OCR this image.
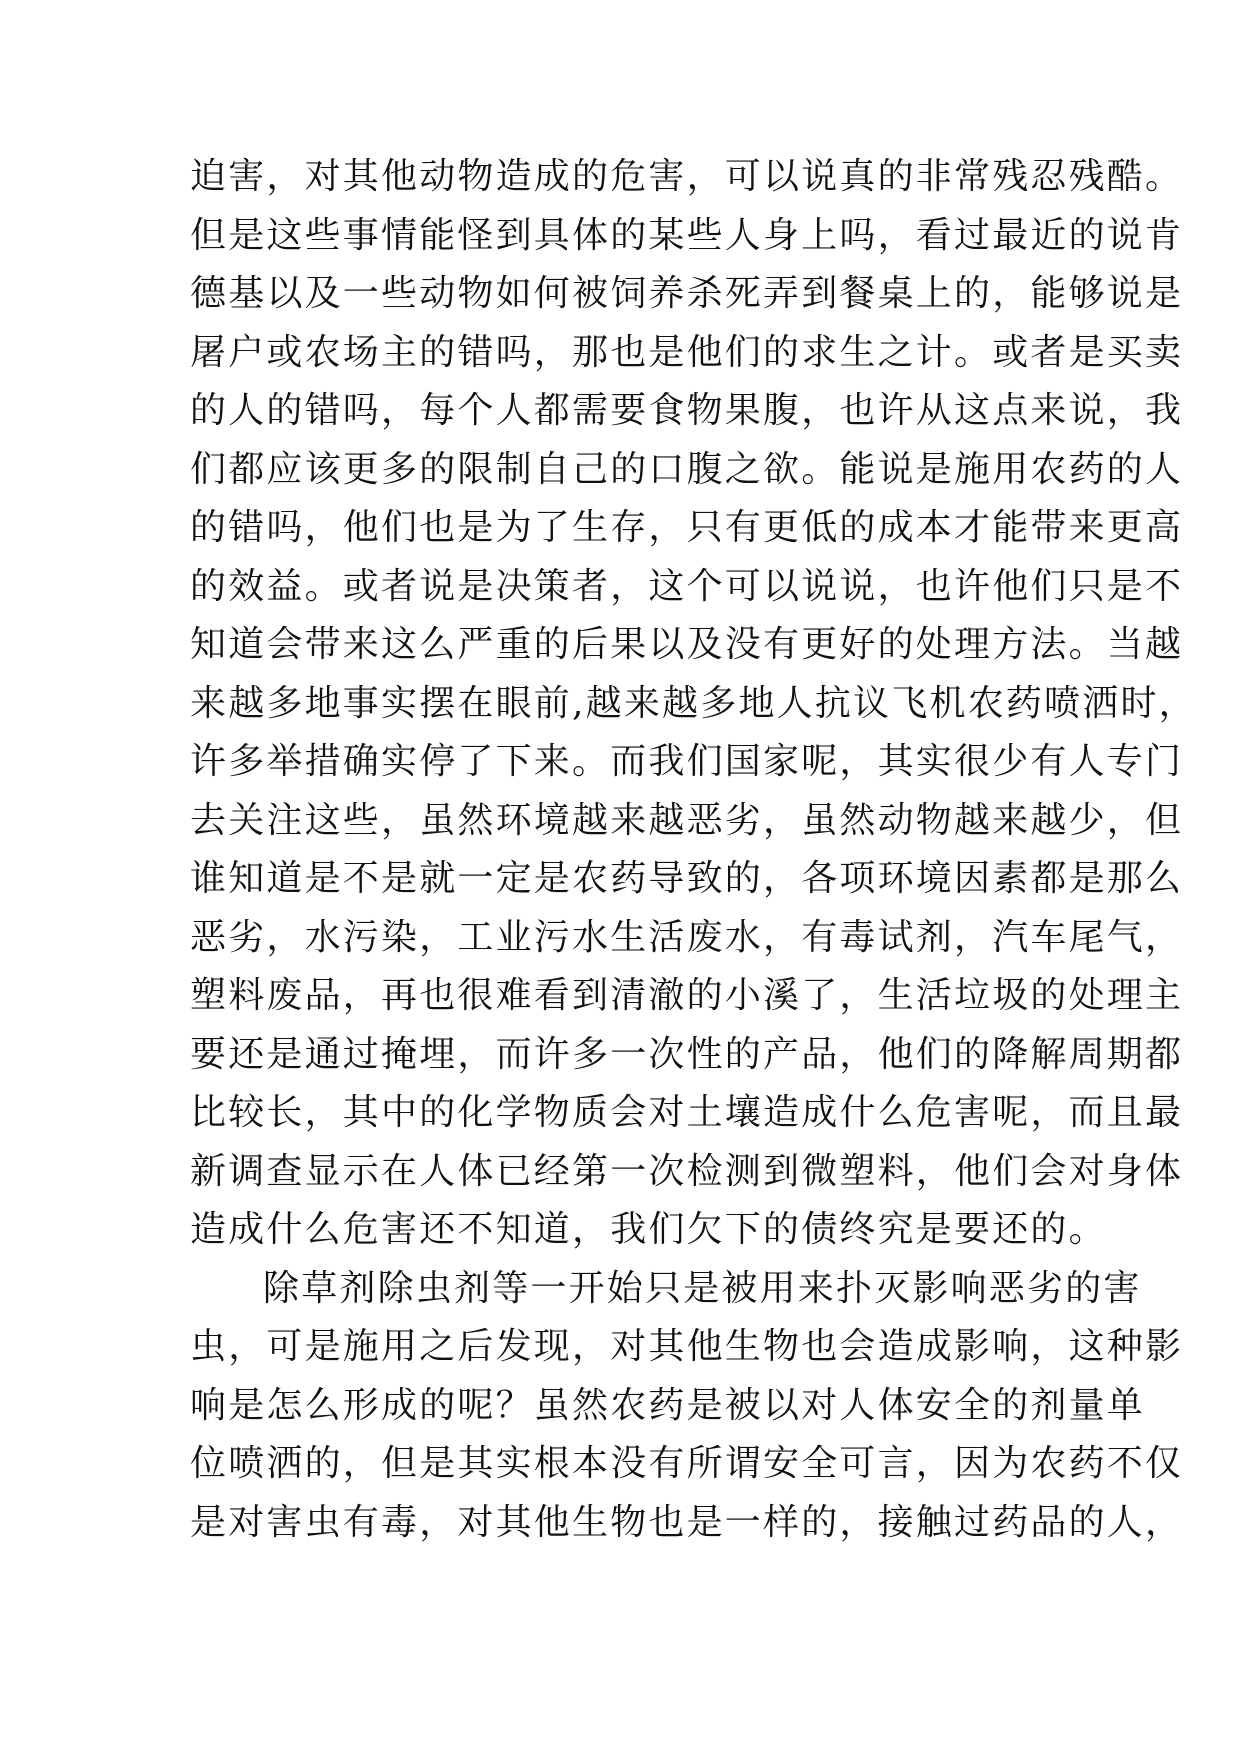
迫害，对其他动物造成的危害，可以说真的非常残忍残酷。
但是这些事情能怪到具体的某些人身上吗，看过最近的说肯
德基以及一些动物如何被饲养杀死弄到餐桌上的，能够说是
屠户或农场主的错吗，那也是他们的求生之计。或者是买卖
的人的错吗，每个人都需要食物果腹，也许从这点来说，我
们都应该更多的限制自己的口腹之欲。能说是施用农药的人
的错吗，他们也是为了生存，只有更低的成本才能带来更高
的效益。或者说是决策者，这个可以说说，也许他们只是不
知道会带来这么严重的后果以及没有更好的处理方法。当越
来越多地事实摆在眼前,越来越多地人抗议飞机农药喷洒时，
许多举措确实停了下来。而我们国家呢，其实很少有人专门
去关注这些，虽然环境越来越恶劣，虽然动物越来越少，但
谁知道是不是就一定是农药导致的，各项环境因素都是那么
恶劣，水污染，工业污水生活废水，有毒试剂，汽车尾气，
塑料废品，再也很难看到清澈的小溪了，生活垃圾的处理主
要还是通过掩埋，而许多一次性的产品，他们的降解周期都
比较长，其中的化学物质会对土壤造成什么危害呢，而且最
新调查显示在人体已经第一次检测到微塑料，他们会对身体
造成什么危害还不知道，我们欠下的债终究是要还的。
除草剂除虫剂等一开始只是被用来扑灭影响恶劣的害
虫，可是施用之后发现，对其他生物也会造成影响，这种影
响是怎么形成的呢？虽然农药是被以对人体安全的剂量单
位喷洒的，但是其实根本没有所谓安全可言，因为农药不仅
是对害虫有毒，对其他生物也是一样的，接触过药品的人，
